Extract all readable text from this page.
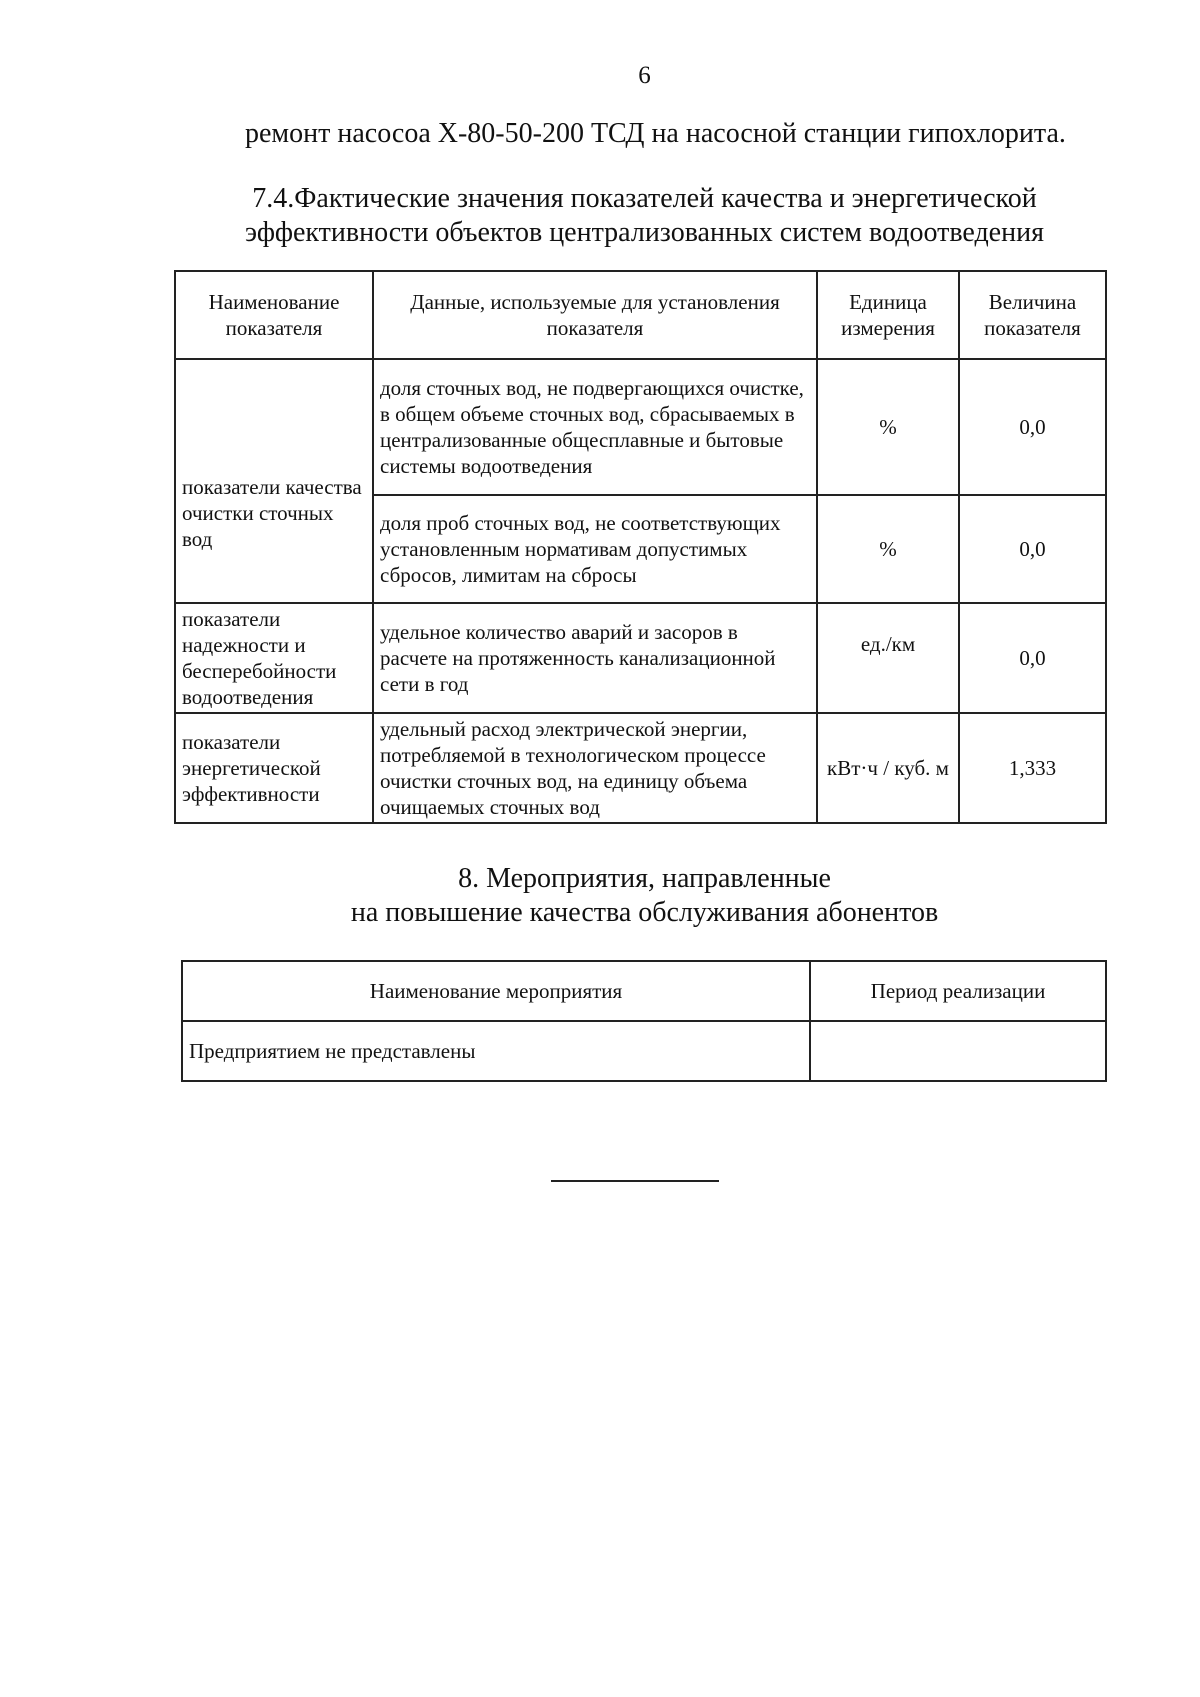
6
ремонт насосоа Х-80-50-200 ТСД на насосной станции гипохлорита.
7.4.Фактические значения показателей качества и энергетической
эффективности объектов централизованных систем водоотведения
Наименование показателя	Данные, используемые для установления показателя	Единица измерения	Величина показателя

показатели качества очистки сточных вод	доля сточных вод, не подвергающихся очистке, в общем объеме сточных вод, сбрасываемых в централизованные общесплавные и бытовые системы водоотведения	%	0,0
	доля проб сточных вод, не соответствующих установленным нормативам допустимых сбросов, лимитам на сбросы	%	0,0
показатели надежности и бесперебойности водоотведения	удельное количество аварий и засоров в расчете на протяженность канализационной сети в год	ед./км	0,0
показатели энергетической эффективности	удельный расход электрической энергии, потребляемой в технологическом процессе очистки сточных вод, на единицу объема очищаемых сточных вод	кВт·ч / куб. м	1,333
8. Мероприятия, направленные
на повышение качества обслуживания абонентов
Наименование мероприятия	Период реализации
Предприятием не представлены	
